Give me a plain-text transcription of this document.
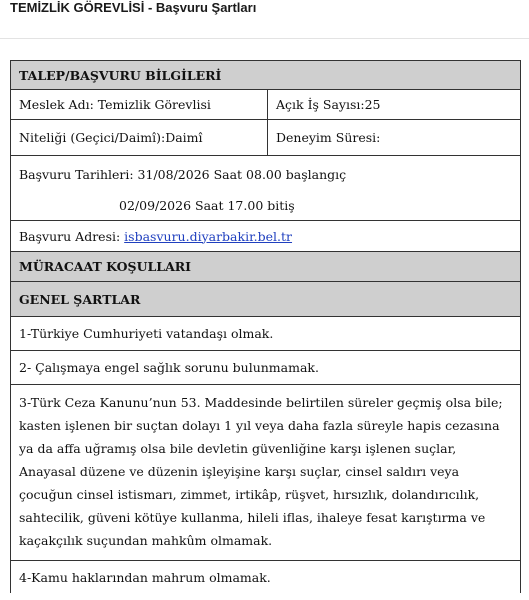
TEMİZLİK GÖREVLİSİ - Başvuru Şartları
TALEP/BAŞVURU BİLGİLERİ
Meslek Adı: Temizlik Görevlisi	Açık İş Sayısı:25
Niteliği (Geçici/Daimî):Daimî	Deneyim Süresi:
Başvuru Tarihleri: 31/08/2026 Saat 08.00 başlangıç
02/09/2026 Saat 17.00 bitiş
Başvuru Adresi: isbasvuru.diyarbakir.bel.tr
MÜRACAAT KOŞULLARI
GENEL ŞARTLAR
1-Türkiye Cumhuriyeti vatandaşı olmak.
2- Çalışmaya engel sağlık sorunu bulunmamak.
3-Türk Ceza Kanunu’nun 53. Maddesinde belirtilen süreler geçmiş olsa bile; kasten işlenen bir suçtan dolayı 1 yıl veya daha fazla süreyle hapis cezasına ya da affa uğramış olsa bile devletin güvenliğine karşı işlenen suçlar, Anayasal düzene ve düzenin işleyişine karşı suçlar, cinsel saldırı veya çocuğun cinsel istismarı, zimmet, irtikâp, rüşvet, hırsızlık, dolandırıcılık, sahtecilik, güveni kötüye kullanma, hileli iflas, ihaleye fesat karıştırma ve kaçakçılık suçundan mahkûm olmamak.
4-Kamu haklarından mahrum olmamak.
